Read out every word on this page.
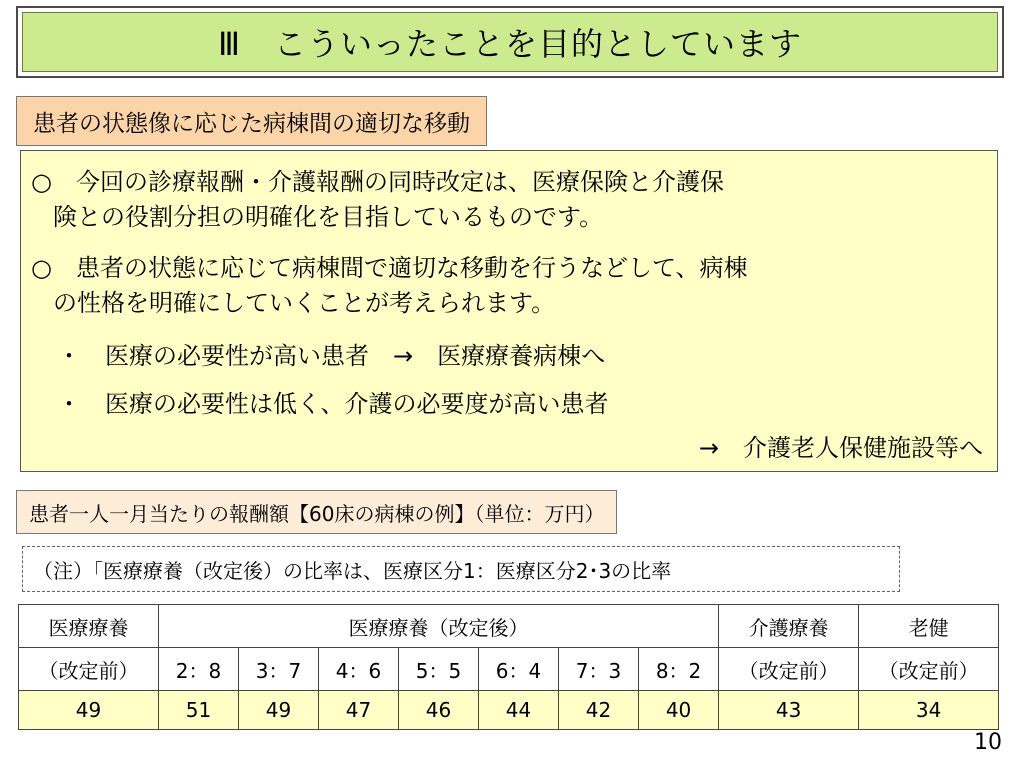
Ⅲ　こういったことを目的としています
患者の状態像に応じた病棟間の適切な移動
○　今回の診療報酬・介護報酬の同時改定は、医療保険と介護保
険との役割分担の明確化を目指しているものです。
○　患者の状態に応じて病棟間で適切な移動を行うなどして、病棟
の性格を明確にしていくことが考えられます。
・　医療の必要性が高い患者　→　医療療養病棟へ
・　医療の必要性は低く、介護の必要度が高い患者
→　介護老人保健施設等へ
患者一人一月当たりの報酬額【60床の病棟の例】（単位：万円）
（注）「医療療養（改定後）の比率は、医療区分1：医療区分2･3の比率
医療療養	医療療養（改定後）							介護療養	老健
（改定前）	2：8	3：7	4：6	5：5	6：4	7：3	8：2	（改定前）	（改定前）
49	51	49	47	46	44	42	40	43	34
10
